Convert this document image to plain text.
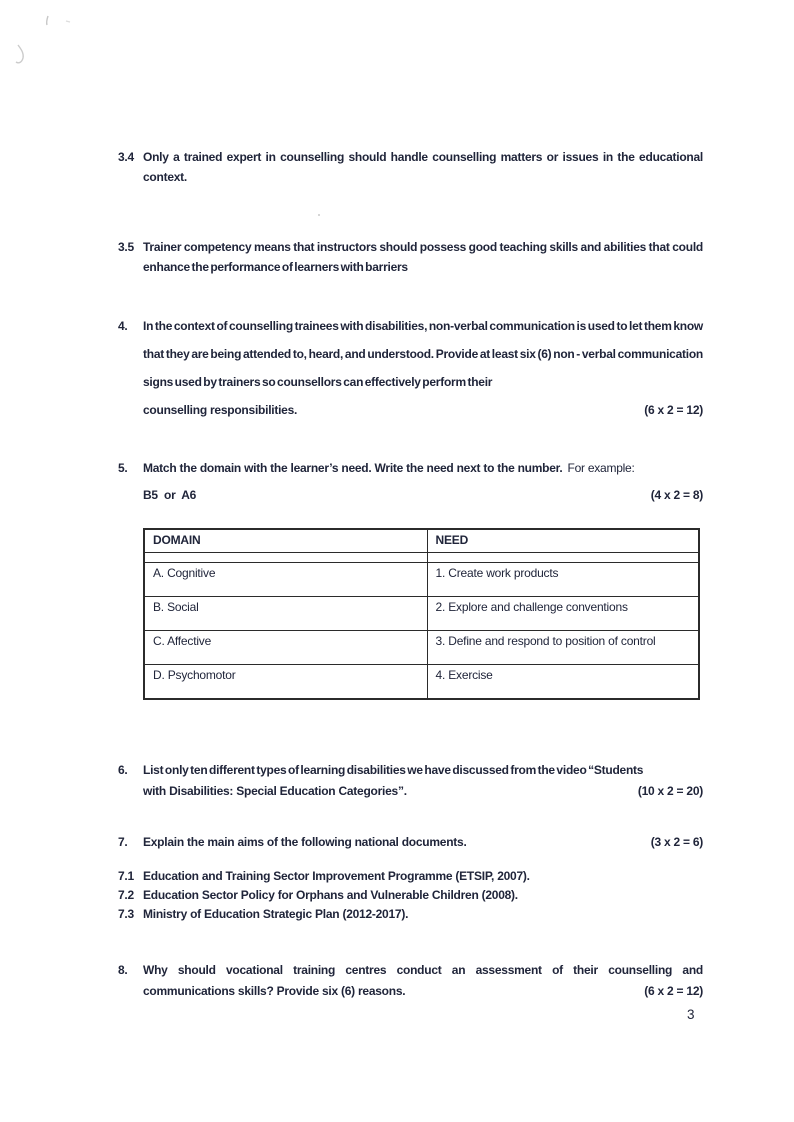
3.4 Only a trained expert in counselling should handle counselling matters or issues in the educational context.
3.5 Trainer competency means that instructors should possess good teaching skills and abilities that could enhance the performance of learners with barriers
4.	In the context of counselling trainees with disabilities, non-verbal communication is used to let them know that they are being attended to, heard, and understood. Provide at least six (6) non - verbal communication signs used by trainers so counsellors can effectively perform their
counselling responsibilities.	(6 x 2 = 12)
5.	Match the domain with the learner’s need. Write the need next to the number. For example:
B5  or  A6	(4 x 2 = 8)
DOMAIN	NEED

A. Cognitive	1. Create work products
B. Social	2. Explore and challenge conventions
C. Affective	3. Define and respond to position of control
D. Psychomotor	4. Exercise
6.	List only ten different types of learning disabilities we have discussed from the video “Students
with Disabilities: Special Education Categories”.	(10 x 2 = 20)
7.	Explain the main aims of the following national documents.	(3 x 2 = 6)
7.1 Education and Training Sector Improvement Programme (ETSIP, 2007).
7.2 Education Sector Policy for Orphans and Vulnerable Children (2008).
7.3 Ministry of Education Strategic Plan (2012-2017).
8.	Why should vocational training centres conduct an assessment of their counselling and
communications skills? Provide six (6) reasons.	(6 x 2 = 12)
3
